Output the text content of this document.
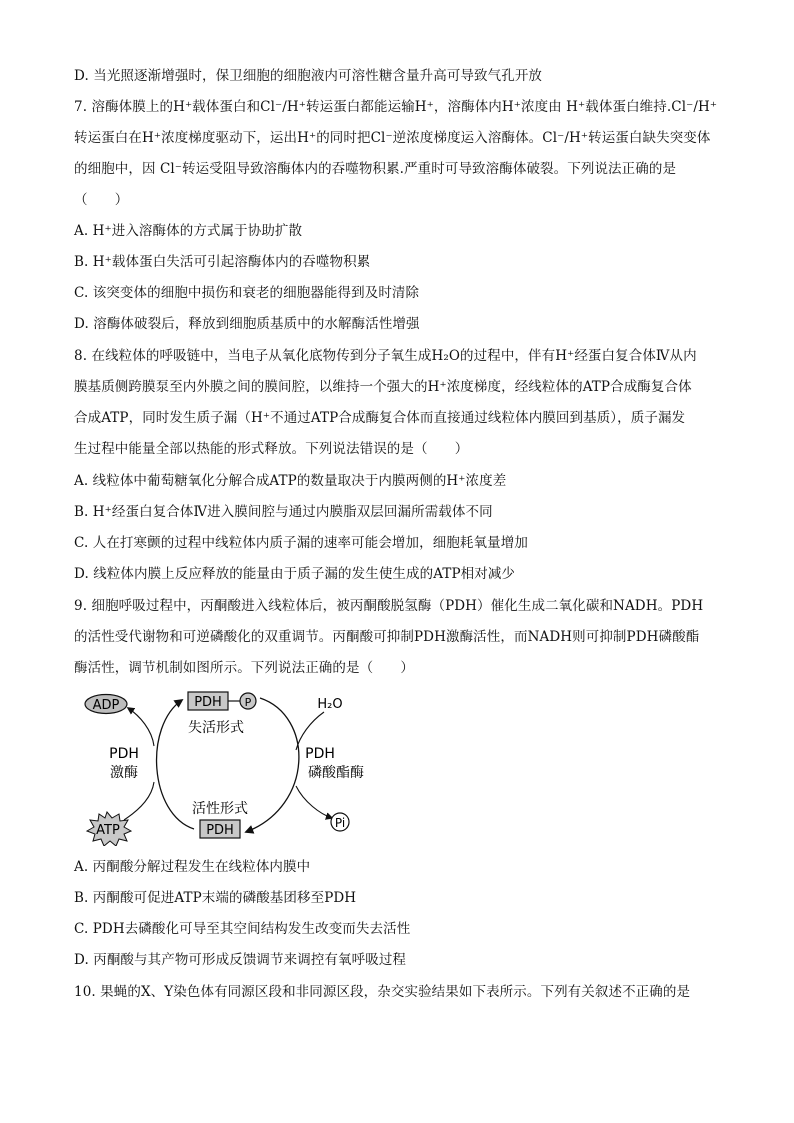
D. 当光照逐渐增强时，保卫细胞的细胞液内可溶性糖含量升高可导致气孔开放
7. 溶酶体膜上的H⁺载体蛋白和Cl⁻/H⁺转运蛋白都能运输H⁺，溶酶体内H⁺浓度由 H⁺载体蛋白维持.Cl⁻/H⁺
转运蛋白在H⁺浓度梯度驱动下，运出H⁺的同时把Cl⁻逆浓度梯度运入溶酶体。Cl⁻/H⁺转运蛋白缺失突变体
的细胞中，因 Cl⁻转运受阻导致溶酶体内的吞噬物积累.严重时可导致溶酶体破裂。下列说法正确的是
（　　）
A. H⁺进入溶酶体的方式属于协助扩散
B. H⁺载体蛋白失活可引起溶酶体内的吞噬物积累
C. 该突变体的细胞中损伤和衰老的细胞器能得到及时清除
D. 溶酶体破裂后，释放到细胞质基质中的水解酶活性增强
8. 在线粒体的呼吸链中，当电子从氧化底物传到分子氧生成H₂O的过程中，伴有H⁺经蛋白复合体Ⅳ从内
膜基质侧跨膜泵至内外膜之间的膜间腔，以维持一个强大的H⁺浓度梯度，经线粒体的ATP合成酶复合体
合成ATP，同时发生质子漏（H⁺不通过ATP合成酶复合体而直接通过线粒体内膜回到基质），质子漏发
生过程中能量全部以热能的形式释放。下列说法错误的是（　　）
A. 线粒体中葡萄糖氧化分解合成ATP的数量取决于内膜两侧的H⁺浓度差
B. H⁺经蛋白复合体Ⅳ进入膜间腔与通过内膜脂双层回漏所需载体不同
C. 人在打寒颤的过程中线粒体内质子漏的速率可能会增加，细胞耗氧量增加
D. 线粒体内膜上反应释放的能量由于质子漏的发生使生成的ATP相对减少
9. 细胞呼吸过程中，丙酮酸进入线粒体后，被丙酮酸脱氢酶（PDH）催化生成二氧化碳和NADH。PDH
的活性受代谢物和可逆磷酸化的双重调节。丙酮酸可抑制PDH激酶活性，而NADH则可抑制PDH磷酸酯
酶活性，调节机制如图所示。下列说法正确的是（　　）
ADP
ATP
PDH P
失活形式
PDH
活性形式
PDH
激酶
H₂O
Pi
PDH
磷酸酯酶
A. 丙酮酸分解过程发生在线粒体内膜中
B. 丙酮酸可促进ATP末端的磷酸基团移至PDH
C. PDH去磷酸化可导至其空间结构发生改变而失去活性
D. 丙酮酸与其产物可形成反馈调节来调控有氧呼吸过程
10. 果蝇的X、Y染色体有同源区段和非同源区段，杂交实验结果如下表所示。下列有关叙述不正确的是
